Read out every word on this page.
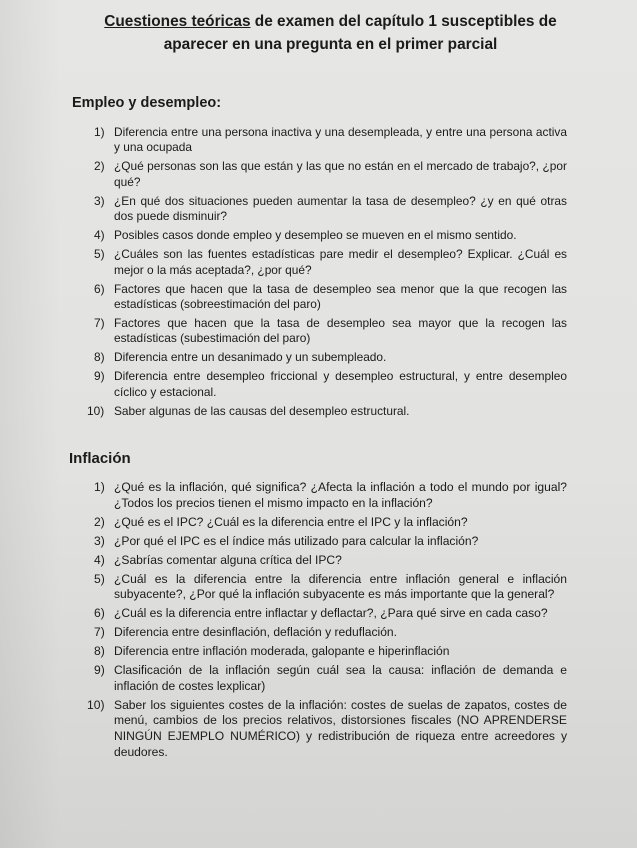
Cuestiones teóricas de examen del capítulo 1 susceptibles de aparecer en una pregunta en el primer parcial
Empleo y desempleo:
1) Diferencia entre una persona inactiva y una desempleada, y entre una persona activa y una ocupada
2) ¿Qué personas son las que están y las que no están en el mercado de trabajo?, ¿por qué?
3) ¿En qué dos situaciones pueden aumentar la tasa de desempleo? ¿y en qué otras dos puede disminuir?
4) Posibles casos donde empleo y desempleo se mueven en el mismo sentido.
5) ¿Cuáles son las fuentes estadísticas pare medir el desempleo? Explicar. ¿Cuál es mejor o la más aceptada?, ¿por qué?
6) Factores que hacen que la tasa de desempleo sea menor que la que recogen las estadísticas (sobreestimación del paro)
7) Factores que hacen que la tasa de desempleo sea mayor que la recogen las estadísticas (subestimación del paro)
8) Diferencia entre un desanimado y un subempleado.
9) Diferencia entre desempleo friccional y desempleo estructural, y entre desempleo cíclico y estacional.
10) Saber algunas de las causas del desempleo estructural.
Inflación
1) ¿Qué es la inflación, qué significa? ¿Afecta la inflación a todo el mundo por igual? ¿Todos los precios tienen el mismo impacto en la inflación?
2) ¿Qué es el IPC? ¿Cuál es la diferencia entre el IPC y la inflación?
3) ¿Por qué el IPC es el índice más utilizado para calcular la inflación?
4) ¿Sabrías comentar alguna crítica del IPC?
5) ¿Cuál es la diferencia entre la diferencia entre inflación general e inflación subyacente?, ¿Por qué la inflación subyacente es más importante que la general?
6) ¿Cuál es la diferencia entre inflactar y deflactar?, ¿Para qué sirve en cada caso?
7) Diferencia entre desinflación, deflación y reduflación.
8) Diferencia entre inflación moderada, galopante e hiperinflación
9) Clasificación de la inflación según cuál sea la causa: inflación de demanda e inflación de costes lexplicar)
10) Saber los siguientes costes de la inflación: costes de suelas de zapatos, costes de menú, cambios de los precios relativos, distorsiones fiscales (NO APRENDERSE NINGÚN EJEMPLO NUMÉRICO) y redistribución de riqueza entre acreedores y deudores.
